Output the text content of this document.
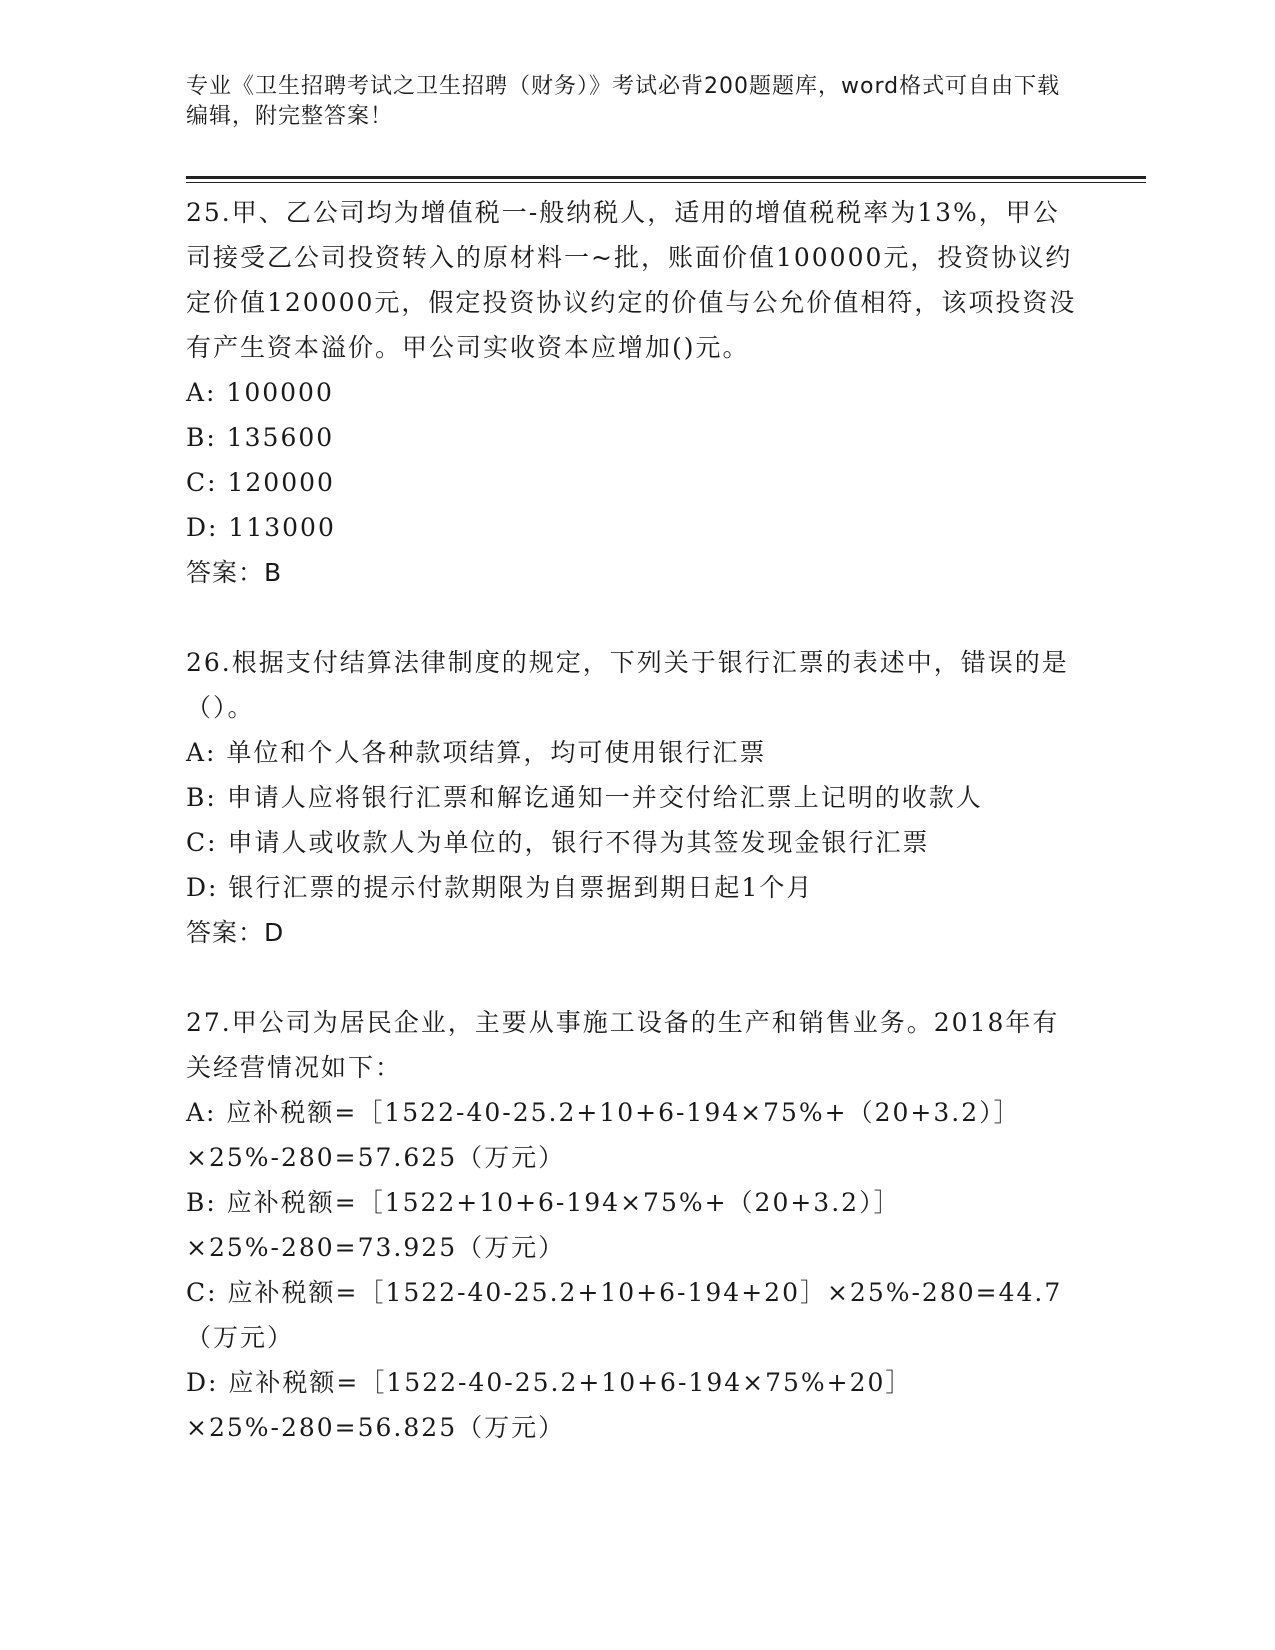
专业《卫生招聘考试之卫生招聘（财务）》考试必背200题题库，word格式可自由下载编辑，附完整答案！

25.甲、乙公司均为增值税一-般纳税人，适用的增值税税率为13%，甲公司接受乙公司投资转入的原材料一~批，账面价值100000元，投资协议约定价值120000元，假定投资协议约定的价值与公允价值相符，该项投资没有产生资本溢价。甲公司实收资本应增加()元。

A: 100000

B: 135600

C: 120000

D: 113000

答案：B

26.根据支付结算法律制度的规定，下列关于银行汇票的表述中，错误的是（）。

A: 单位和个人各种款项结算，均可使用银行汇票

B: 申请人应将银行汇票和解讫通知一并交付给汇票上记明的收款人

C: 申请人或收款人为单位的，银行不得为其签发现金银行汇票

D: 银行汇票的提示付款期限为自票据到期日起1个月

答案：D

27.甲公司为居民企业，主要从事施工设备的生产和销售业务。2018年有关经营情况如下：

A: 应补税额=［1522-40-25.2+10+6-194×75%+（20+3.2）］×25%-280=57.625（万元）

B: 应补税额=［1522+10+6-194×75%+（20+3.2）］×25%-280=73.925（万元）

C: 应补税额=［1522-40-25.2+10+6-194+20］×25%-280=44.7（万元）

D: 应补税额=［1522-40-25.2+10+6-194×75%+20］×25%-280=56.825（万元）
